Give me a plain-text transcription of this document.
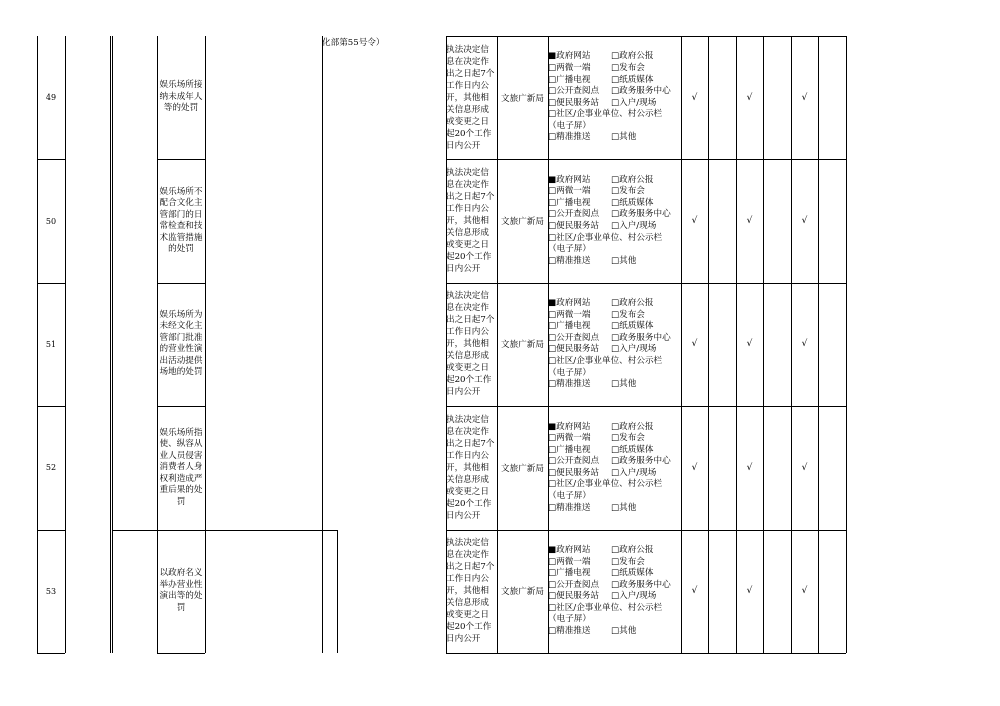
49
娱乐场所接纳未成年人等的处罚
执法决定信息在决定作出之日起7个工作日内公开，其他相关信息形成或变更之日起20个工作日内公开
文旅广新局
■政府网站	□政府公报
□两微一端	□发布会
□广播电视	□纸质媒体
□公开查阅点	□政务服务中心
□便民服务站	□入户/现场
□社区/企事业单位、村公示栏
（电子屏）
□精准推送	□其他
√	√	√
50
娱乐场所不配合文化主管部门的日常检查和技术监管措施的处罚
执法决定信息在决定作出之日起7个工作日内公开，其他相关信息形成或变更之日起20个工作日内公开
文旅广新局
■政府网站	□政府公报
□两微一端	□发布会
□广播电视	□纸质媒体
□公开查阅点	□政务服务中心
□便民服务站	□入户/现场
□社区/企事业单位、村公示栏
（电子屏）
□精准推送	□其他
√	√	√
51
娱乐场所为未经文化主管部门批准的营业性演出活动提供场地的处罚
执法决定信息在决定作出之日起7个工作日内公开，其他相关信息形成或变更之日起20个工作日内公开
文旅广新局
■政府网站	□政府公报
□两微一端	□发布会
□广播电视	□纸质媒体
□公开查阅点	□政务服务中心
□便民服务站	□入户/现场
□社区/企事业单位、村公示栏
（电子屏）
□精准推送	□其他
√	√	√
52
娱乐场所指使、纵容从业人员侵害消费者人身权利造成严重后果的处罚
执法决定信息在决定作出之日起7个工作日内公开，其他相关信息形成或变更之日起20个工作日内公开
文旅广新局
■政府网站	□政府公报
□两微一端	□发布会
□广播电视	□纸质媒体
□公开查阅点	□政务服务中心
□便民服务站	□入户/现场
□社区/企事业单位、村公示栏
（电子屏）
□精准推送	□其他
√	√	√
53
以政府名义举办营业性演出等的处罚
执法决定信息在决定作出之日起7个工作日内公开，其他相关信息形成或变更之日起20个工作日内公开
文旅广新局
■政府网站	□政府公报
□两微一端	□发布会
□广播电视	□纸质媒体
□公开查阅点	□政务服务中心
□便民服务站	□入户/现场
□社区/企事业单位、村公示栏
（电子屏）
□精准推送	□其他
√	√	√
化部第55号令）
